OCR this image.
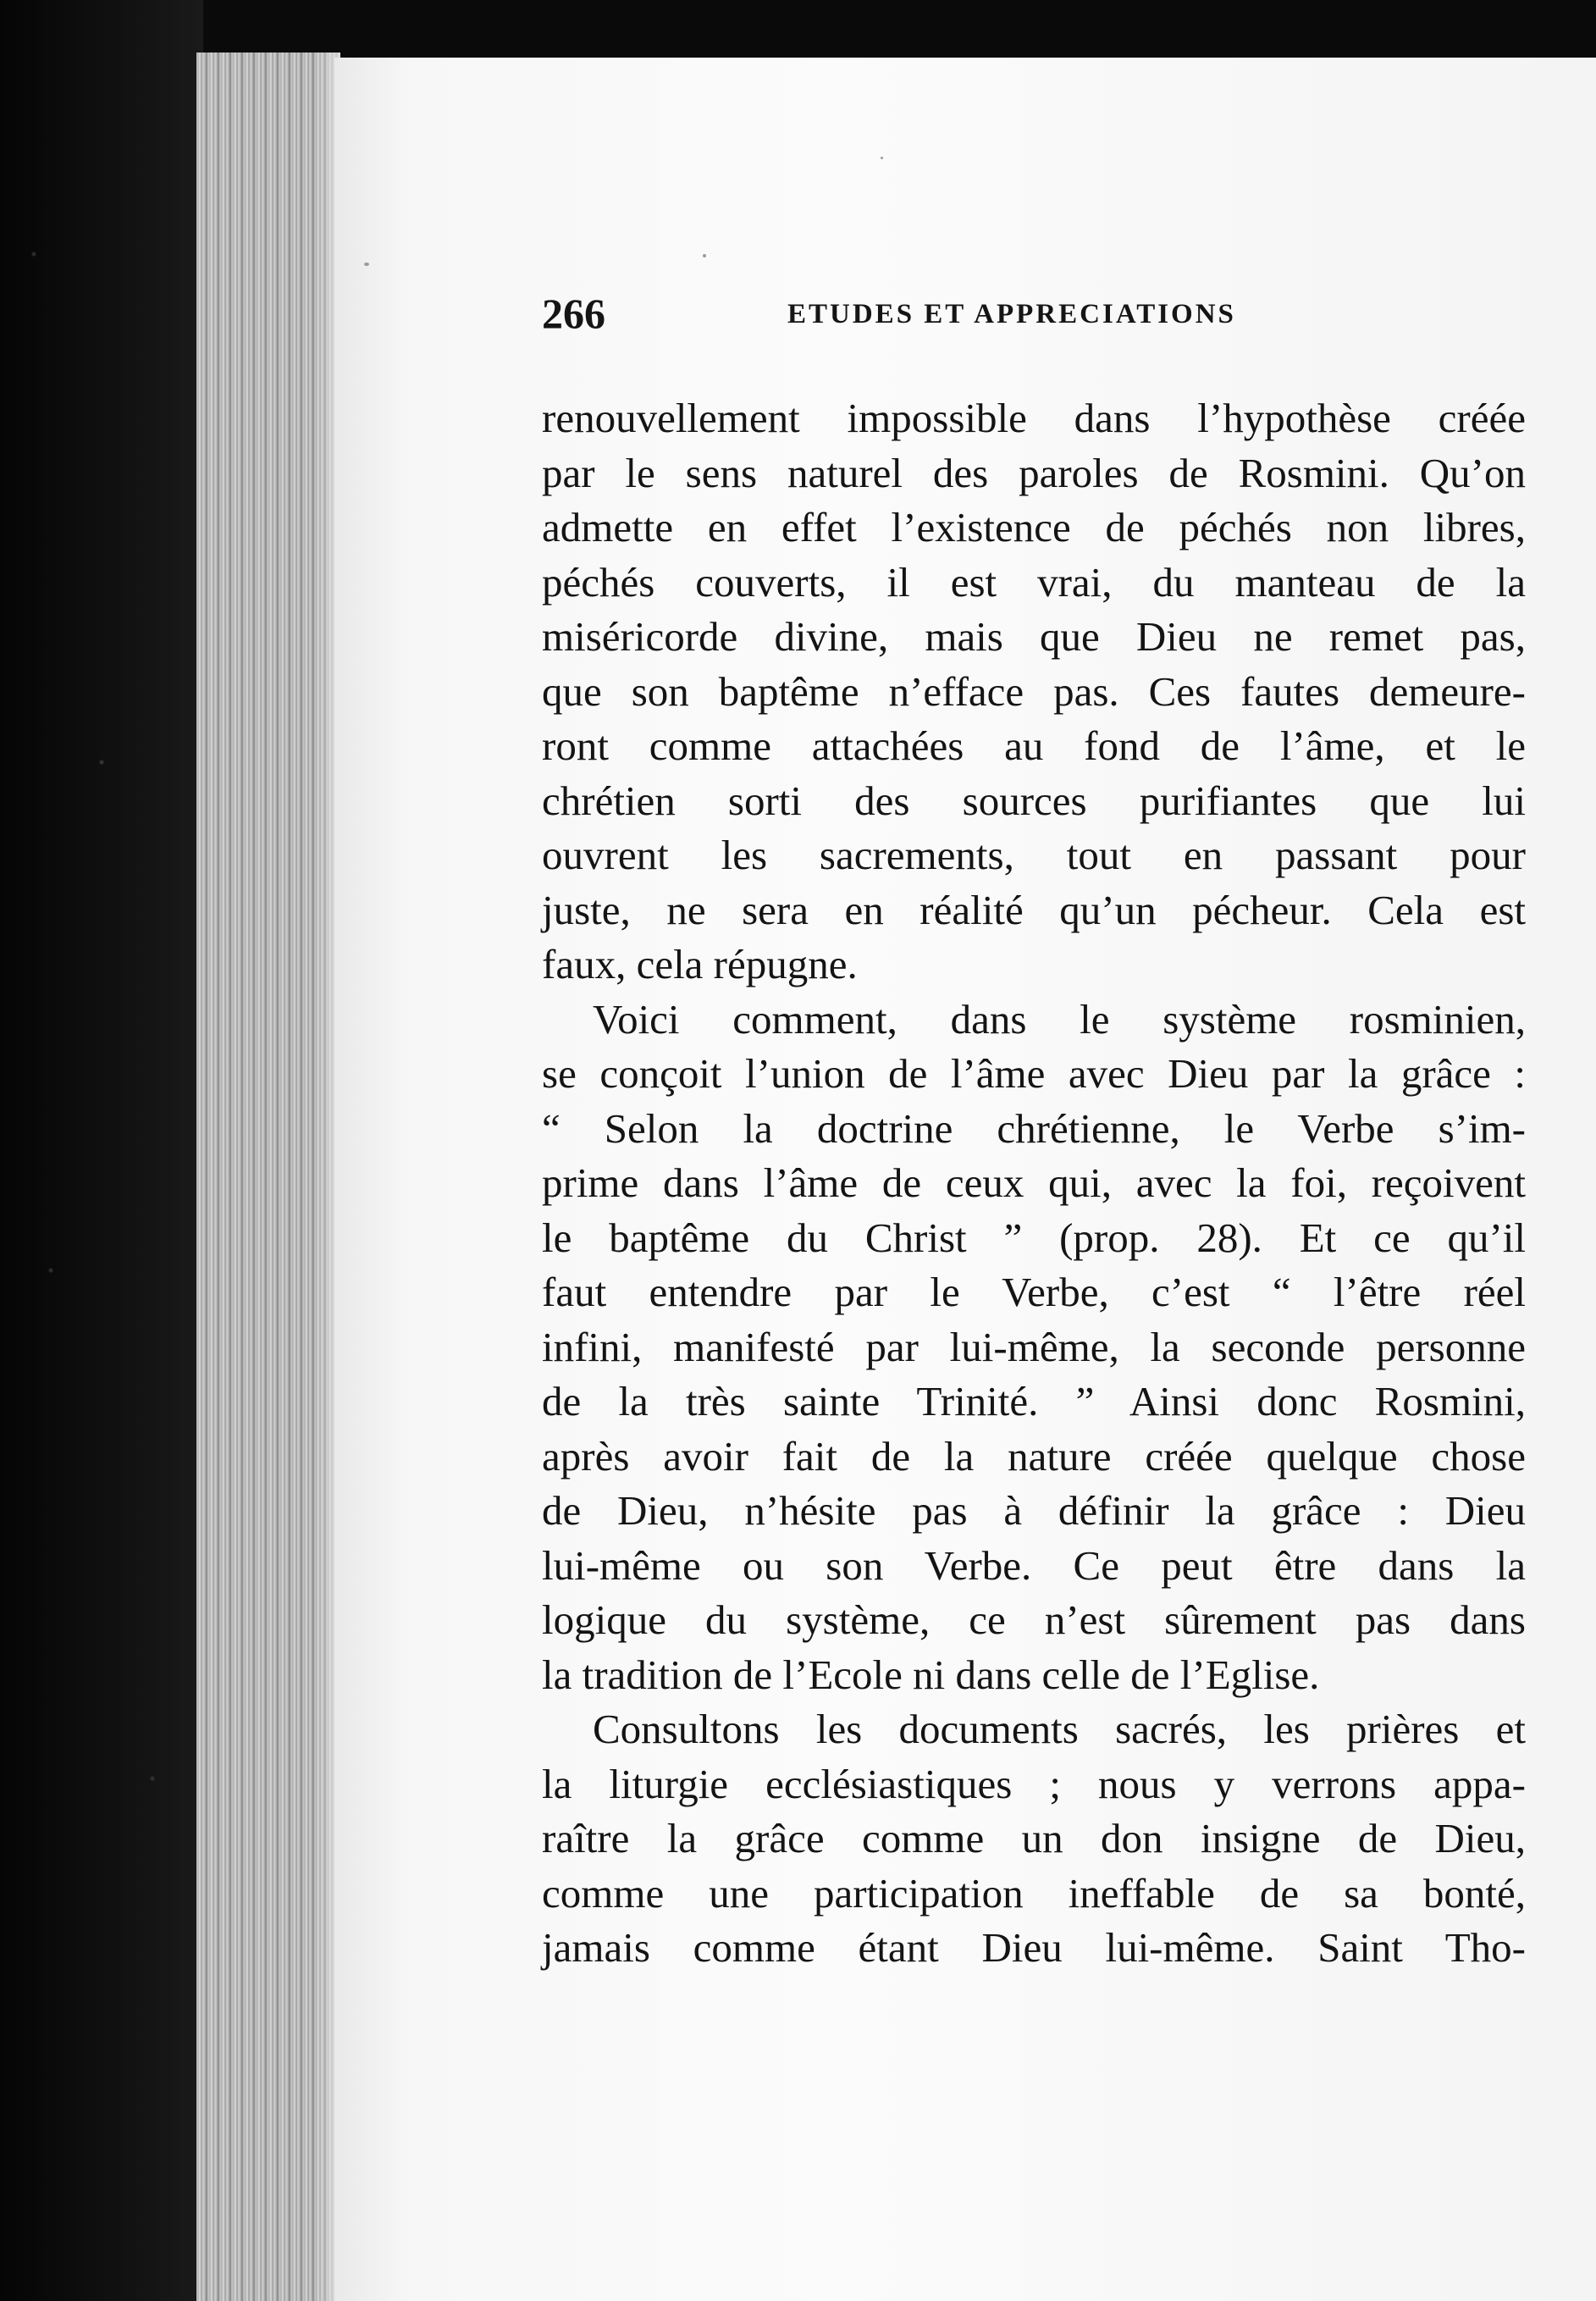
266	ETUDES ET APPRECIATIONS
renouvellement impossible dans l’hypothèse créée
par le sens naturel des paroles de Rosmini. Qu’on
admette en effet l’existence de péchés non libres,
péchés couverts, il est vrai, du manteau de la
miséricorde divine, mais que Dieu ne remet pas,
que son baptême n’efface pas. Ces fautes demeure-
ront comme attachées au fond de l’âme, et le
chrétien sorti des sources purifiantes que lui
ouvrent les sacrements, tout en passant pour
juste, ne sera en réalité qu’un pécheur. Cela est
faux, cela répugne.
Voici comment, dans le système rosminien,
se conçoit l’union de l’âme avec Dieu par la grâce :
“ Selon la doctrine chrétienne, le Verbe s’im-
prime dans l’âme de ceux qui, avec la foi, reçoivent
le baptême du Christ ” (prop. 28). Et ce qu’il
faut entendre par le Verbe, c’est “ l’être réel
infini, manifesté par lui-même, la seconde personne
de la très sainte Trinité. ” Ainsi donc Rosmini,
après avoir fait de la nature créée quelque chose
de Dieu, n’hésite pas à définir la grâce : Dieu
lui-même ou son Verbe. Ce peut être dans la
logique du système, ce n’est sûrement pas dans
la tradition de l’Ecole ni dans celle de l’Eglise.
Consultons les documents sacrés, les prières et
la liturgie ecclésiastiques ; nous y verrons appa-
raître la grâce comme un don insigne de Dieu,
comme une participation ineffable de sa bonté,
jamais comme étant Dieu lui-même. Saint Tho-
